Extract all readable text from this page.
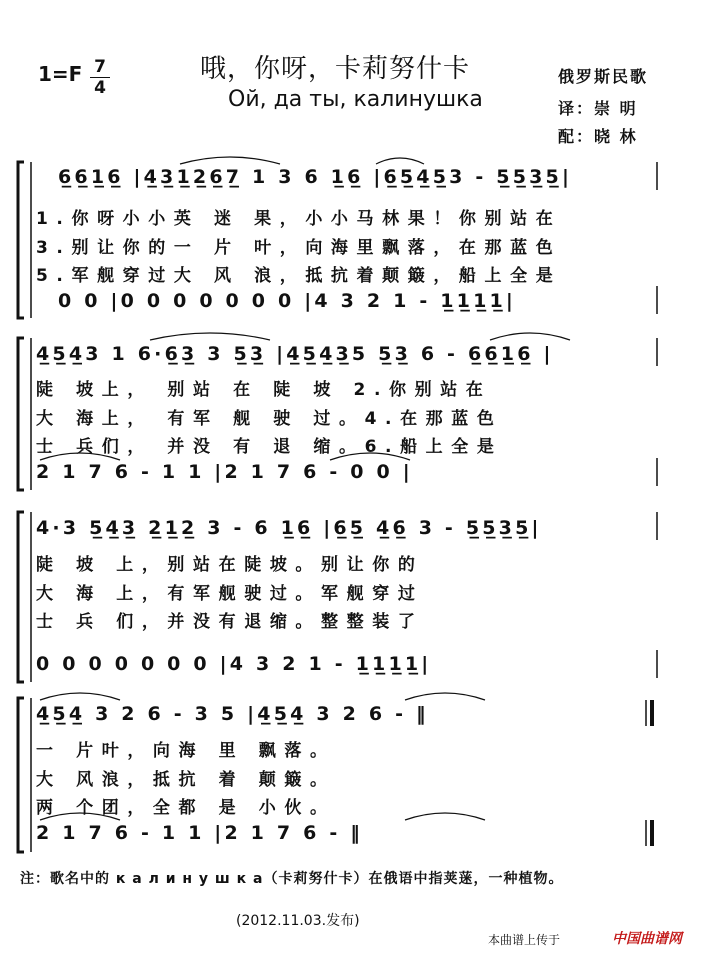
1=F 7
4
哦，你呀，卡莉努什卡
Ой, да ты, калинушка
俄罗斯民歌
译：崇 明
配：晓 林
6̲6̲1̲6̲ |4̲3̲1̲2̲6̲7̲ 1 3 6 1̲6̲ |6̲5̲4̲5̲3 - 5̲5̲3̲5̲|
1.你呀小小英 迷 果，小小马林果！你别站在
3.别让你的一 片 叶，向海里飘落，在那蓝色
5.军舰穿过大 风 浪，抵抗着颠簸，船上全是
0 0 |0 0 0 0 0 0 0 |4 3 2 1 - 1̲1̲1̲1̲|
4̲5̲4̲3 1 6·6̲3̲ 3 5̲3̲ |4̲5̲4̲3̲5 5̲3̲ 6 - 6̲6̲1̲6̲ |
陡 坡上， 别站 在 陡 坡 2.你别站在
大 海上， 有军 舰 驶 过。4.在那蓝色
士 兵们， 并没 有 退 缩。6.船上全是
2 1 7 6 - 1 1 |2 1 7 6 - 0 0 |
4·3 5̲4̲3̲ 2̲1̲2̲ 3 - 6 1̲6̲ |6̲5̲ 4̲6̲ 3 - 5̲5̲3̲5̲|
陡 坡 上，别站在陡坡。别让你的
大 海 上，有军舰驶过。军舰穿过
士 兵 们，并没有退缩。整整装了
0 0 0 0 0 0 0 |4 3 2 1 - 1̲1̲1̲1̲|
4̲5̲4̲ 3 2 6 - 3 5 |4̲5̲4̲ 3 2 6 - ‖
一 片叶，向海 里 飘落。
大 风浪，抵抗 着 颠簸。
两 个团，全都 是 小伙。
2 1 7 6 - 1 1 |2 1 7 6 - ‖
注：歌名中的 к а л и н у ш к а（卡莉努什卡）在俄语中指荚蒾，一种植物。
(2012.11.03.发布)
本曲谱上传于	中国曲谱网
